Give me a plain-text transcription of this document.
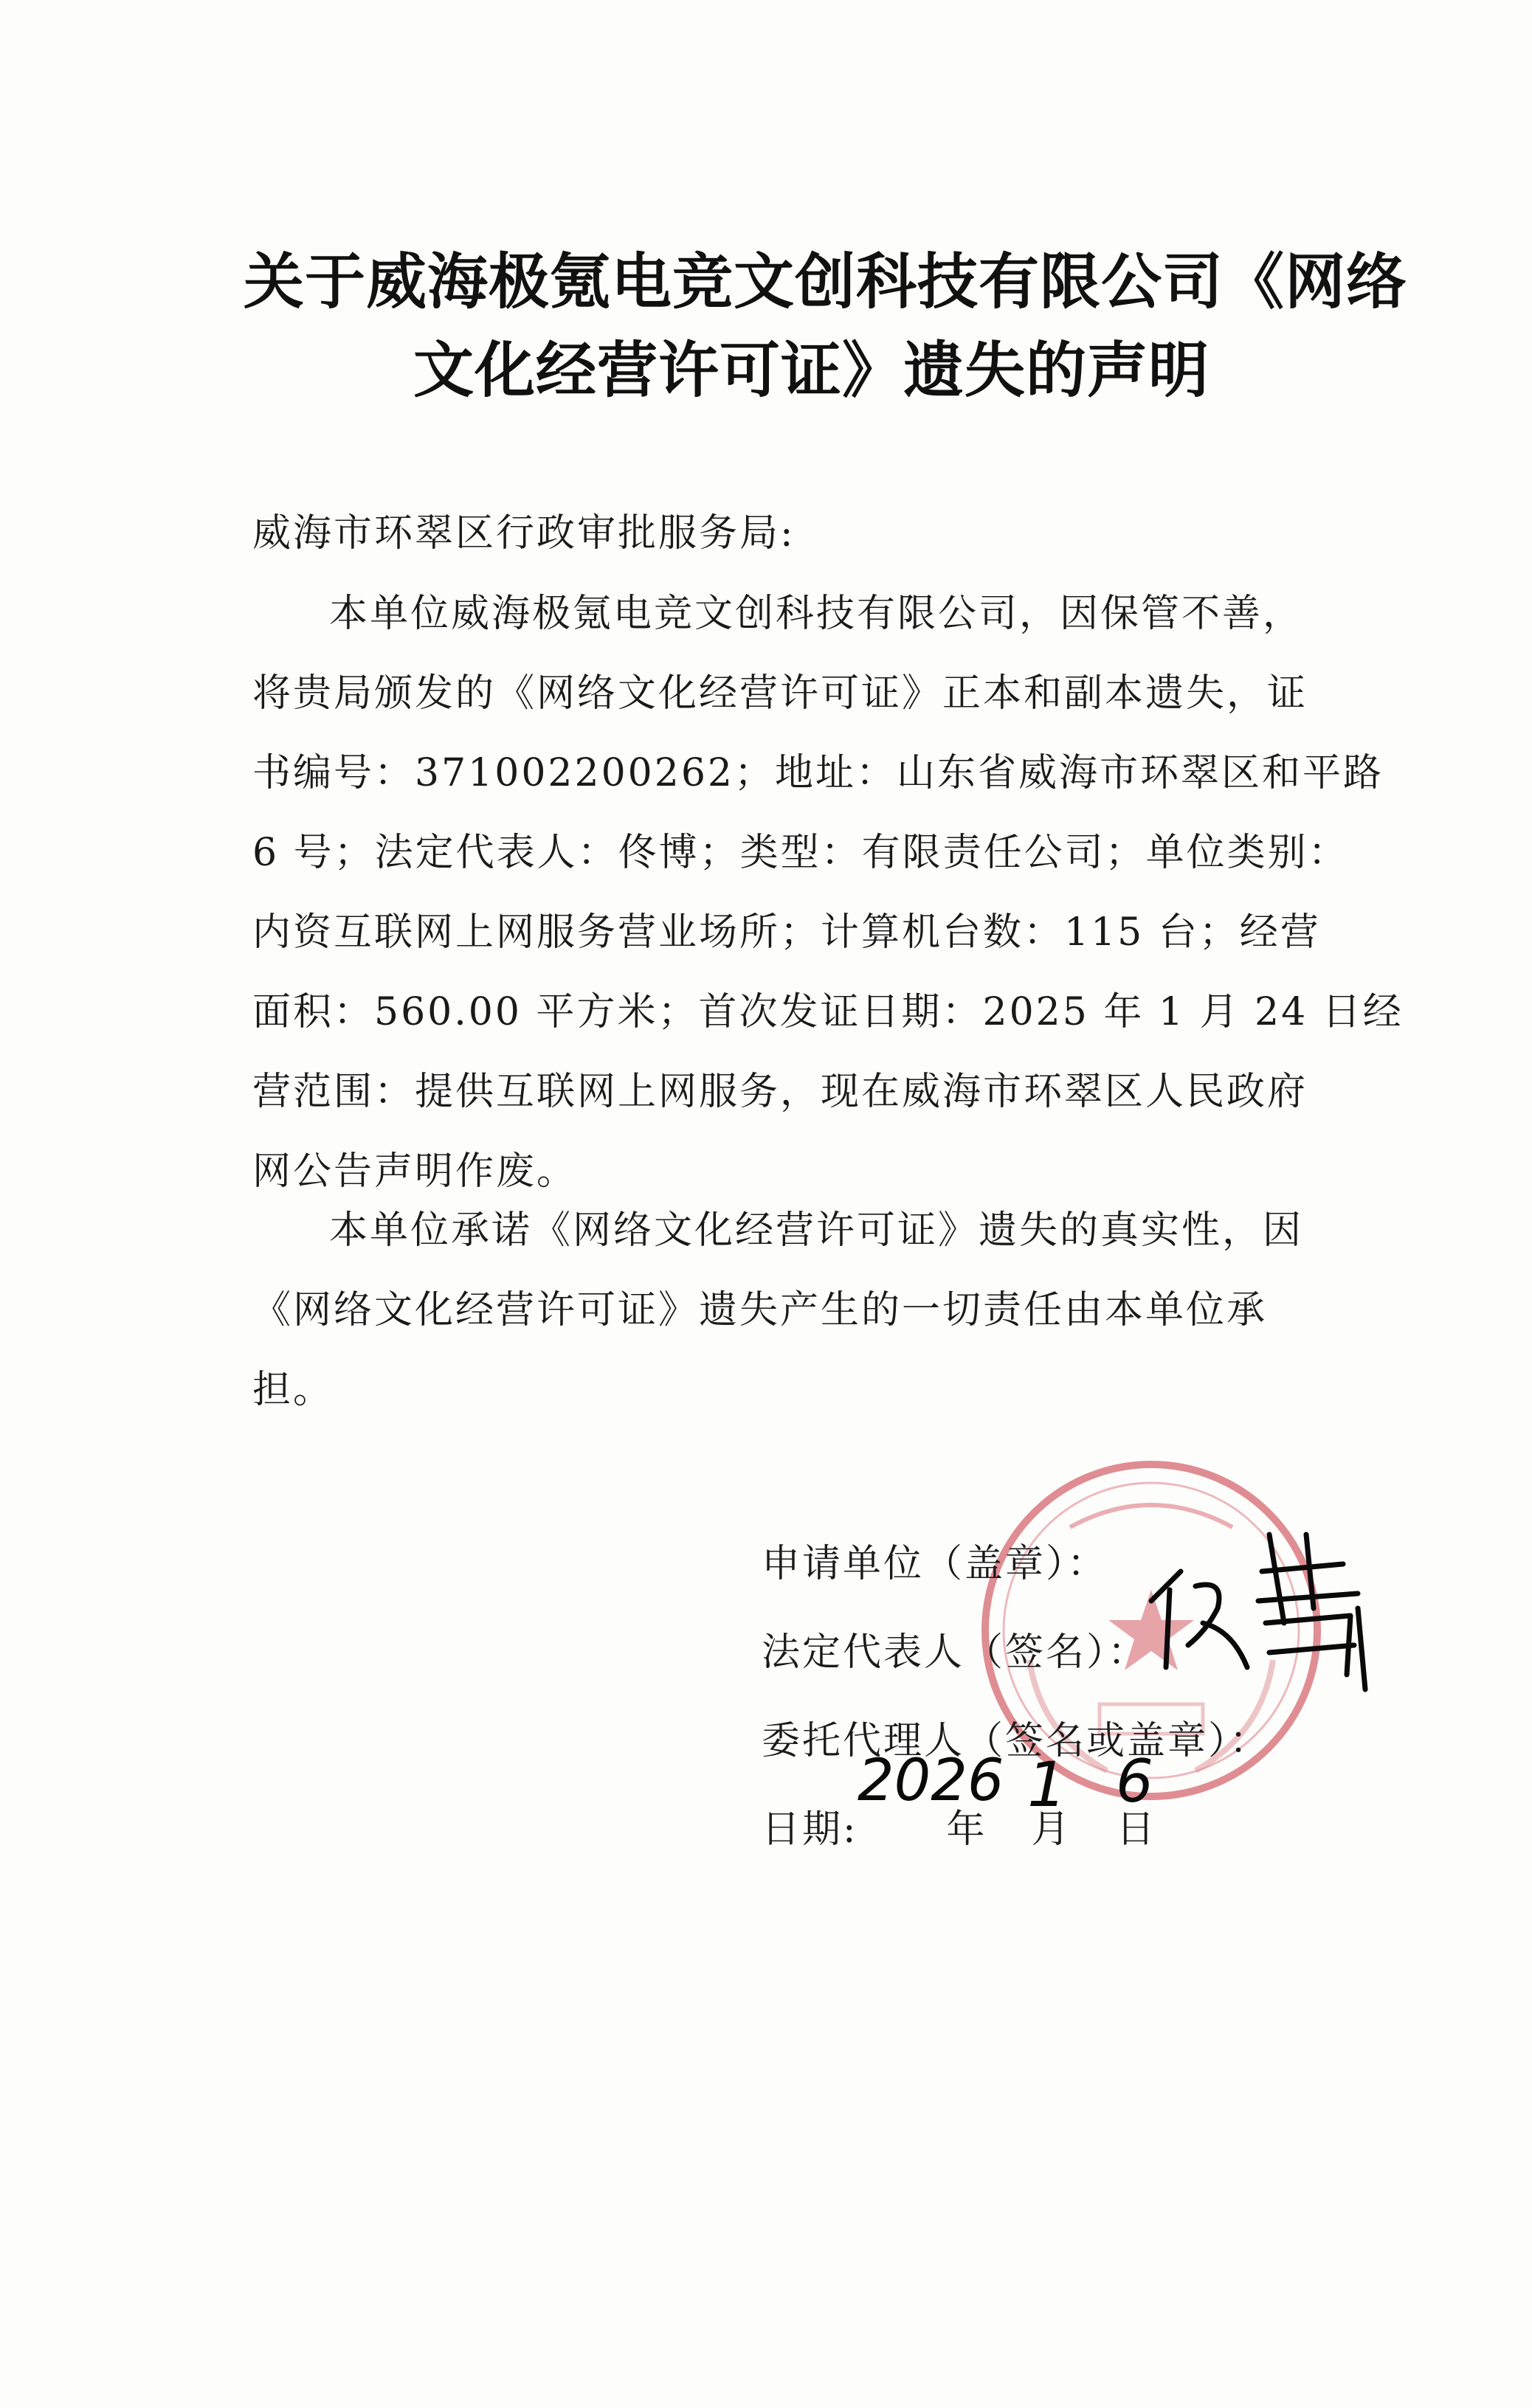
关于威海极氪电竞文创科技有限公司《网络
文化经营许可证》遗失的声明
威海市环翠区行政审批服务局:
本单位威海极氪电竞文创科技有限公司，因保管不善，
将贵局颁发的《网络文化经营许可证》正本和副本遗失，证
书编号：371002200262；地址：山东省威海市环翠区和平路
6 号；法定代表人：佟博；类型：有限责任公司；单位类别：
内资互联网上网服务营业场所；计算机台数：115 台；经营
面积：560.00 平方米；首次发证日期：2025 年 1 月 24 日经
营范围：提供互联网上网服务，现在威海市环翠区人民政府
网公告声明作废。
本单位承诺《网络文化经营许可证》遗失的真实性，因
《网络文化经营许可证》遗失产生的一切责任由本单位承
担。
申请单位（盖章）：
法定代表人（签名）：
委托代理人（签名或盖章）：
日期: 年 月 日
2026 1 6
